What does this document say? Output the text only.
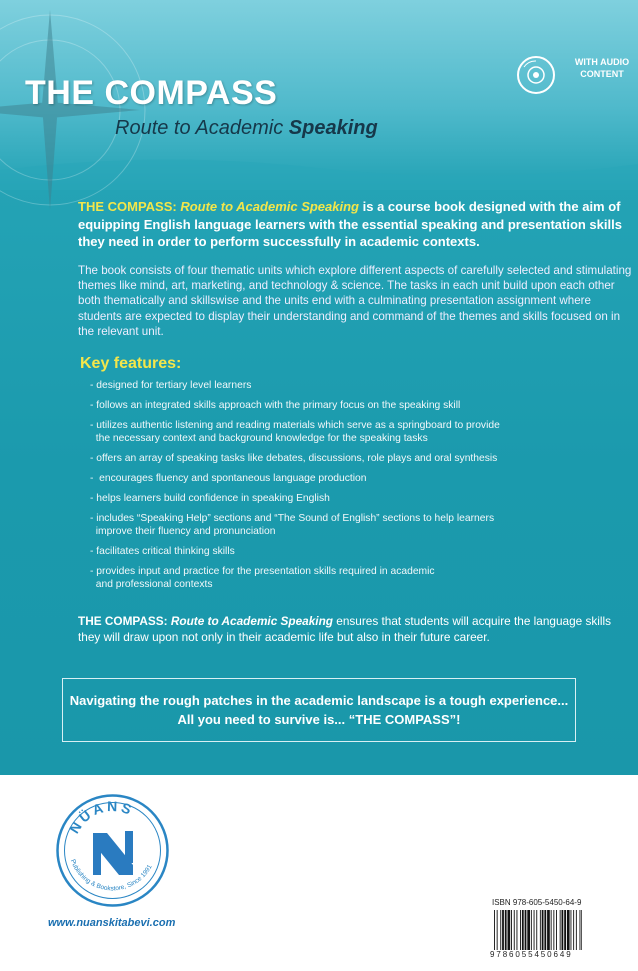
THE COMPASS
Route to Academic Speaking
WITH AUDIO CONTENT
THE COMPASS: Route to Academic Speaking is a course book designed with the aim of equipping English language learners with the essential speaking and presentation skills they need in order to perform successfully in academic contexts.
The book consists of four thematic units which explore different aspects of carefully selected and stimulating themes like mind, art, marketing, and technology & science. The tasks in each unit build upon each other both thematically and skillswise and the units end with a culminating presentation assignment where students are expected to display their understanding and command of the themes and skills focused on in the relevant unit.
Key features:
- designed for tertiary level learners
- follows an integrated skills approach with the primary focus on the speaking skill
- utilizes authentic listening and reading materials which serve as a springboard to provide
the necessary context and background knowledge for the speaking tasks
- offers an array of speaking tasks like debates, discussions, role plays and oral synthesis
-  encourages fluency and spontaneous language production
- helps learners build confidence in speaking English
- includes “Speaking Help” sections and “The Sound of English” sections to help learners
improve their fluency and pronunciation
- facilitates critical thinking skills
- provides input and practice for the presentation skills required in academic
and professional contexts
THE COMPASS: Route to Academic Speaking ensures that students will acquire the language skills they will draw upon not only in their academic life but also in their future career.
Navigating the rough patches in the academic landscape is a tough experience...
All you need to survive is... “THE COMPASS”!
NÜANS
Publishing & Bookstore, Since 1991
www.nuanskitabevi.com
ISBN 978-605-5450-64-9
9786055450649
